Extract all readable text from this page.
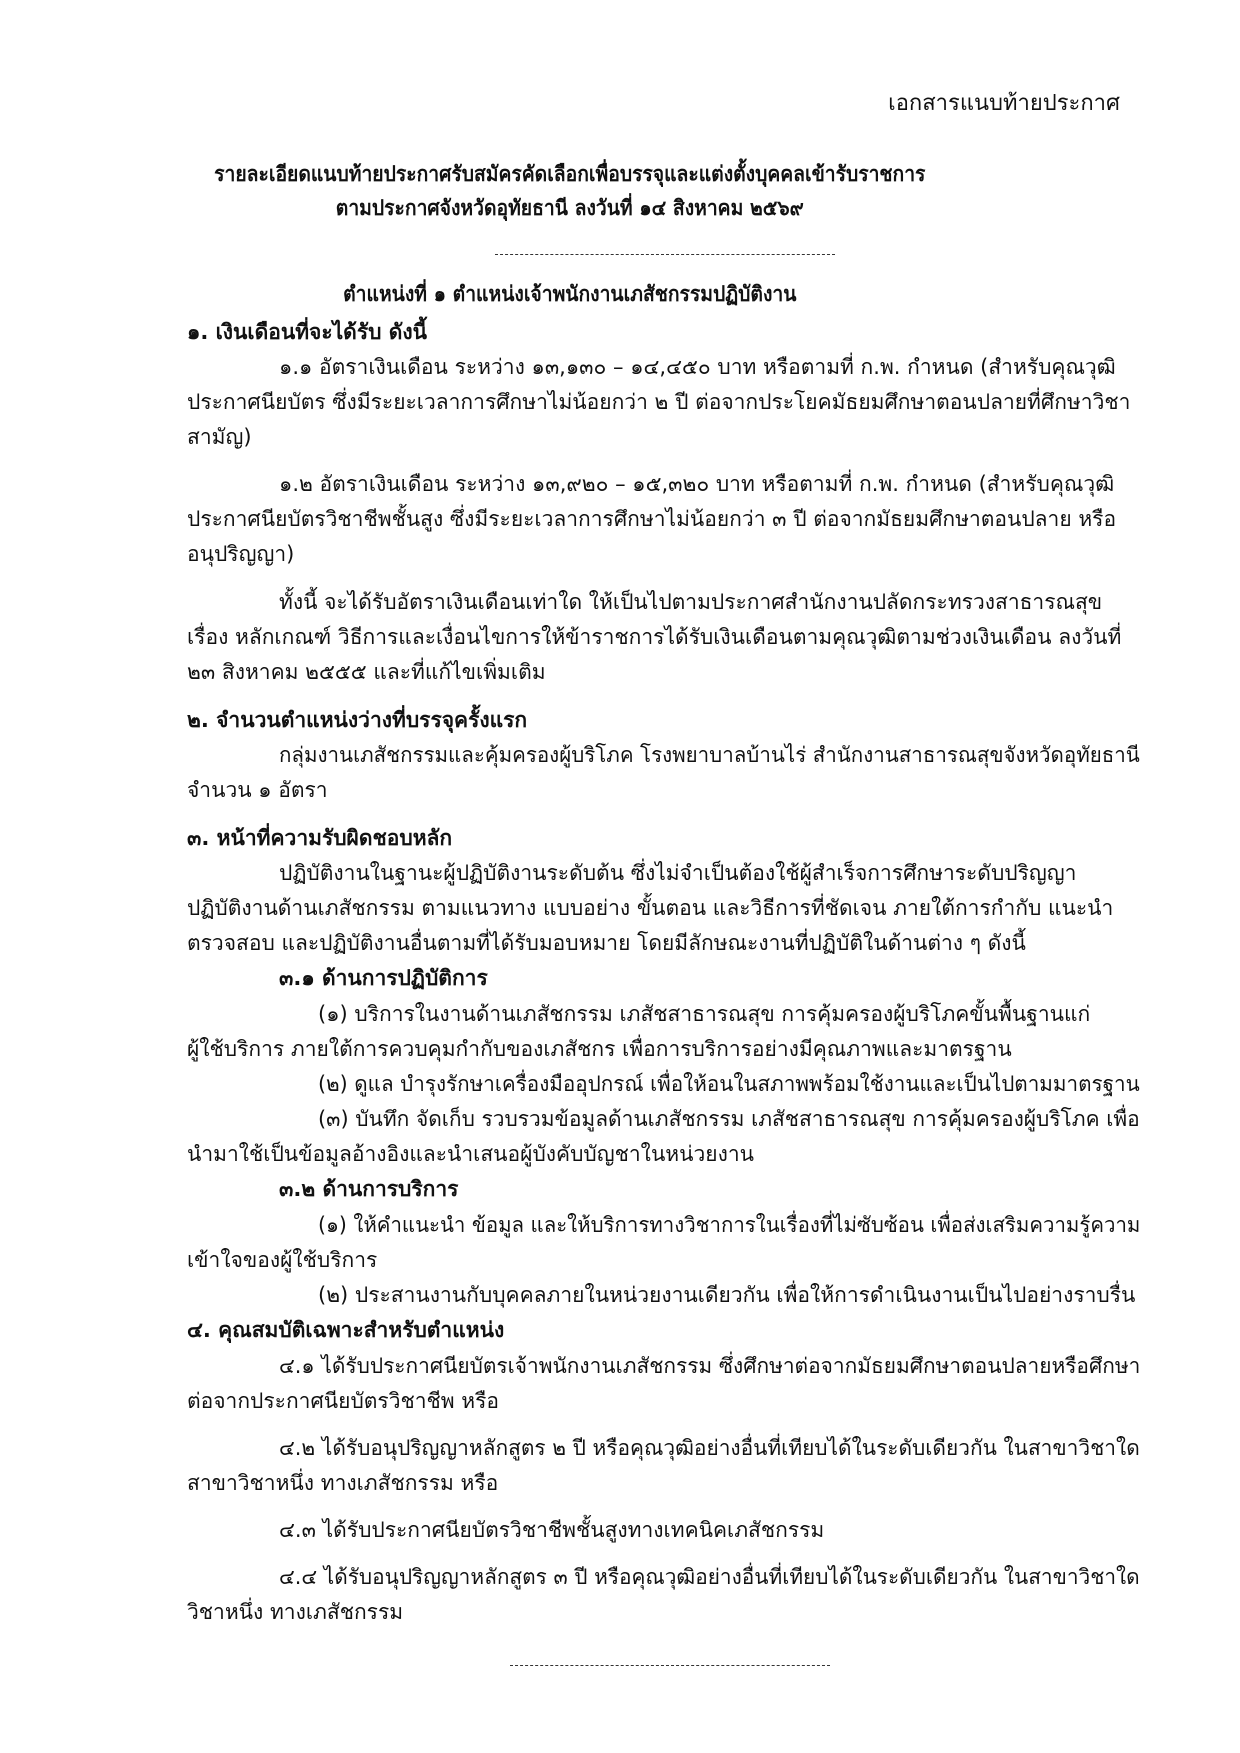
เอกสารแนบท้ายประกาศ
รายละเอียดแนบท้ายประกาศรับสมัครคัดเลือกเพื่อบรรจุและแต่งตั้งบุคคลเข้ารับราชการ
ตามประกาศจังหวัดอุทัยธานี ลงวันที่ ๑๔ สิงหาคม ๒๕๖๙
ตำแหน่งที่ ๑ ตำแหน่งเจ้าพนักงานเภสัชกรรมปฏิบัติงาน
๑. เงินเดือนที่จะได้รับ ดังนี้
๑.๑ อัตราเงินเดือน ระหว่าง ๑๓,๑๓๐ – ๑๔,๔๕๐ บาท หรือตามที่ ก.พ. กำหนด (สำหรับคุณวุฒิ
ประกาศนียบัตร ซึ่งมีระยะเวลาการศึกษาไม่น้อยกว่า ๒ ปี ต่อจากประโยคมัธยมศึกษาตอนปลายที่ศึกษาวิชา
สามัญ)
๑.๒ อัตราเงินเดือน ระหว่าง ๑๓,๙๒๐ – ๑๕,๓๒๐ บาท หรือตามที่ ก.พ. กำหนด (สำหรับคุณวุฒิ
ประกาศนียบัตรวิชาชีพชั้นสูง ซึ่งมีระยะเวลาการศึกษาไม่น้อยกว่า ๓ ปี ต่อจากมัธยมศึกษาตอนปลาย หรือ
อนุปริญญา)
ทั้งนี้ จะได้รับอัตราเงินเดือนเท่าใด ให้เป็นไปตามประกาศสำนักงานปลัดกระทรวงสาธารณสุข
เรื่อง หลักเกณฑ์ วิธีการและเงื่อนไขการให้ข้าราชการได้รับเงินเดือนตามคุณวุฒิตามช่วงเงินเดือน ลงวันที่
๒๓ สิงหาคม ๒๕๕๕ และที่แก้ไขเพิ่มเติม
๒. จำนวนตำแหน่งว่างที่บรรจุครั้งแรก
กลุ่มงานเภสัชกรรมและคุ้มครองผู้บริโภค โรงพยาบาลบ้านไร่ สำนักงานสาธารณสุขจังหวัดอุทัยธานี
จำนวน ๑ อัตรา
๓. หน้าที่ความรับผิดชอบหลัก
ปฏิบัติงานในฐานะผู้ปฏิบัติงานระดับต้น ซึ่งไม่จำเป็นต้องใช้ผู้สำเร็จการศึกษาระดับปริญญา
ปฏิบัติงานด้านเภสัชกรรม ตามแนวทาง แบบอย่าง ขั้นตอน และวิธีการที่ชัดเจน ภายใต้การกำกับ แนะนำ
ตรวจสอบ และปฏิบัติงานอื่นตามที่ได้รับมอบหมาย โดยมีลักษณะงานที่ปฏิบัติในด้านต่าง ๆ ดังนี้
๓.๑ ด้านการปฏิบัติการ
(๑) บริการในงานด้านเภสัชกรรม เภสัชสาธารณสุข การคุ้มครองผู้บริโภคขั้นพื้นฐานแก่
ผู้ใช้บริการ ภายใต้การควบคุมกำกับของเภสัชกร เพื่อการบริการอย่างมีคุณภาพและมาตรฐาน
(๒) ดูแล บำรุงรักษาเครื่องมืออุปกรณ์ เพื่อให้อนในสภาพพร้อมใช้งานและเป็นไปตามมาตรฐาน
(๓) บันทึก จัดเก็บ รวบรวมข้อมูลด้านเภสัชกรรม เภสัชสาธารณสุข การคุ้มครองผู้บริโภค เพื่อ
นำมาใช้เป็นข้อมูลอ้างอิงและนำเสนอผู้บังคับบัญชาในหน่วยงาน
๓.๒ ด้านการบริการ
(๑) ให้คำแนะนำ ข้อมูล และให้บริการทางวิชาการในเรื่องที่ไม่ซับซ้อน เพื่อส่งเสริมความรู้ความ
เข้าใจของผู้ใช้บริการ
(๒) ประสานงานกับบุคคลภายในหน่วยงานเดียวกัน เพื่อให้การดำเนินงานเป็นไปอย่างราบรื่น
๔. คุณสมบัติเฉพาะสำหรับตำแหน่ง
๔.๑ ได้รับประกาศนียบัตรเจ้าพนักงานเภสัชกรรม ซึ่งศึกษาต่อจากมัธยมศึกษาตอนปลายหรือศึกษา
ต่อจากประกาศนียบัตรวิชาชีพ หรือ
๔.๒ ได้รับอนุปริญญาหลักสูตร ๒ ปี หรือคุณวุฒิอย่างอื่นที่เทียบได้ในระดับเดียวกัน ในสาขาวิชาใด
สาขาวิชาหนึ่ง ทางเภสัชกรรม หรือ
๔.๓ ได้รับประกาศนียบัตรวิชาชีพชั้นสูงทางเทคนิคเภสัชกรรม
๔.๔ ได้รับอนุปริญญาหลักสูตร ๓ ปี หรือคุณวุฒิอย่างอื่นที่เทียบได้ในระดับเดียวกัน ในสาขาวิชาใด
วิชาหนึ่ง ทางเภสัชกรรม
